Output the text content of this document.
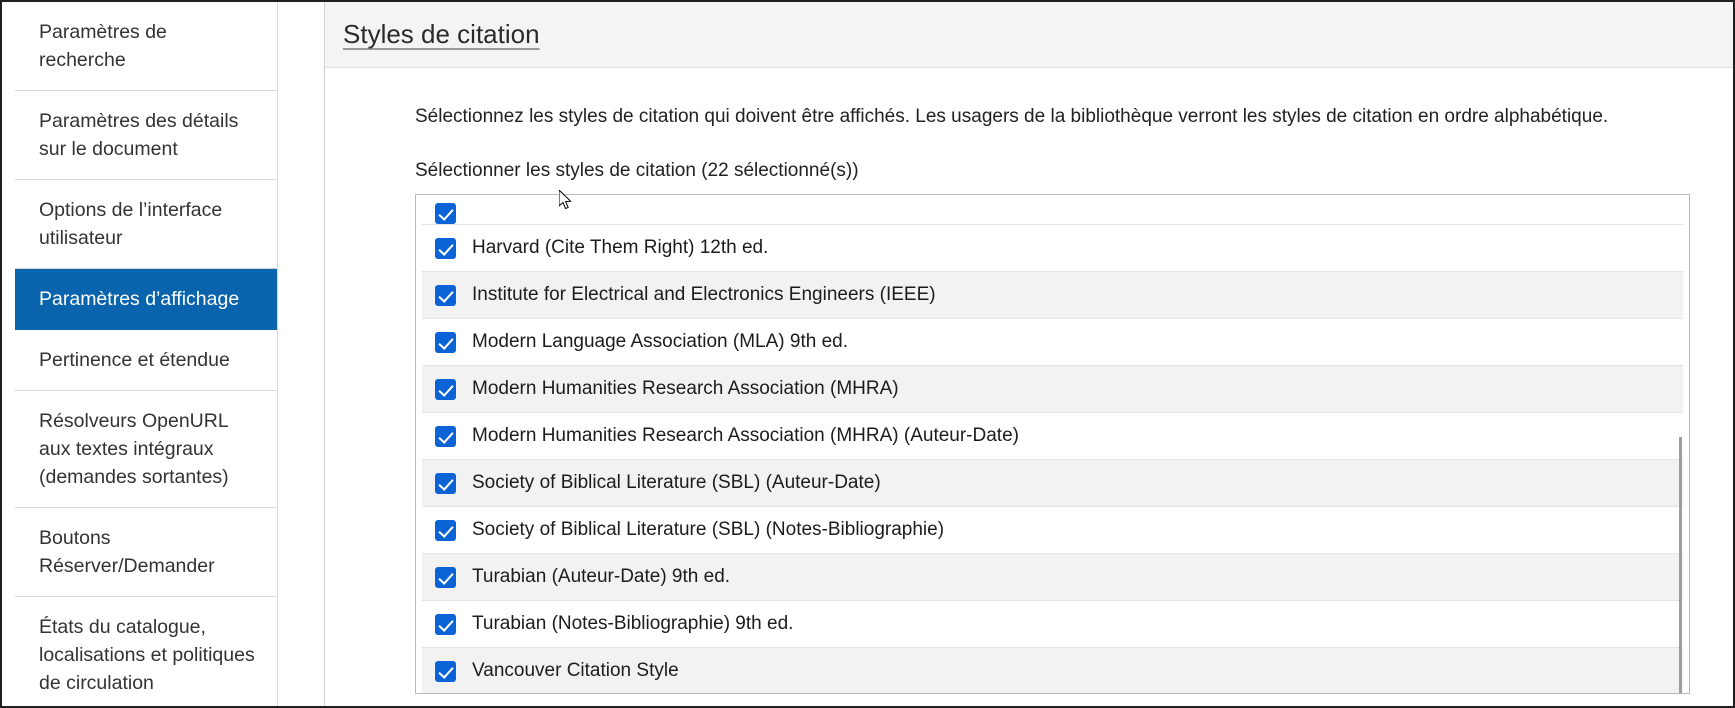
Paramètres de recherche
Paramètres des détails sur le document
Options de l’interface utilisateur
Paramètres d’affichage
Pertinence et étendue
Résolveurs OpenURL aux textes intégraux (demandes sortantes)
Boutons Réserver/Demander
États du catalogue, localisations et politiques de circulation
Styles de citation

Sélectionnez les styles de citation qui doivent être affichés. Les usagers de la bibliothèque verront les styles de citation en ordre alphabétique.

Sélectionner les styles de citation (22 sélectionné(s))

Harvard (Cite Them Right) 12th ed.
Institute for Electrical and Electronics Engineers (IEEE)
Modern Language Association (MLA) 9th ed.
Modern Humanities Research Association (MHRA)
Modern Humanities Research Association (MHRA) (Auteur-Date)
Society of Biblical Literature (SBL) (Auteur-Date)
Society of Biblical Literature (SBL) (Notes-Bibliographie)
Turabian (Auteur-Date) 9th ed.
Turabian (Notes-Bibliographie) 9th ed.
Vancouver Citation Style
